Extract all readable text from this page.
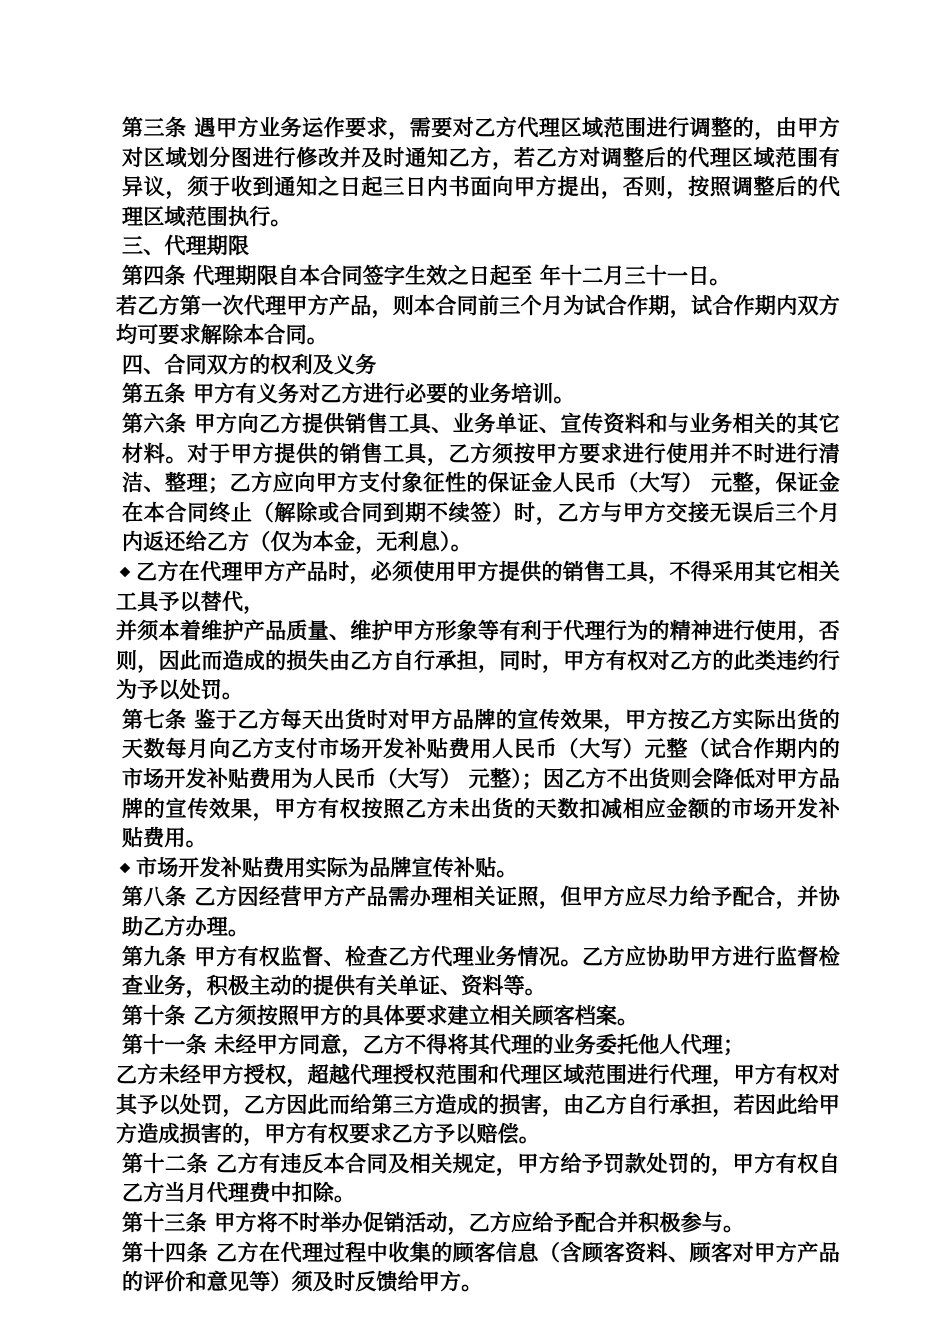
第三条 遇甲方业务运作要求，需要对乙方代理区域范围进行调整的，由甲方对区域划分图进行修改并及时通知乙方，若乙方对调整后的代理区域范围有异议，须于收到通知之日起三日内书面向甲方提出，否则，按照调整后的代理区域范围执行。

三、代理期限

第四条 代理期限自本合同签字生效之日起至 年十二月三十一日。

若乙方第一次代理甲方产品，则本合同前三个月为试合作期，试合作期内双方均可要求解除本合同。

四、合同双方的权利及义务

第五条 甲方有义务对乙方进行必要的业务培训。

第六条 甲方向乙方提供销售工具、业务单证、宣传资料和与业务相关的其它材料。对于甲方提供的销售工具，乙方须按甲方要求进行使用并不时进行清洁、整理；乙方应向甲方支付象征性的保证金人民币（大写） 元整，保证金在本合同终止（解除或合同到期不续签）时，乙方与甲方交接无误后三个月内返还给乙方（仅为本金，无利息）。

乙方在代理甲方产品时，必须使用甲方提供的销售工具，不得采用其它相关工具予以替代，

并须本着维护产品质量、维护甲方形象等有利于代理行为的精神进行使用，否则，因此而造成的损失由乙方自行承担，同时，甲方有权对乙方的此类违约行为予以处罚。

第七条 鉴于乙方每天出货时对甲方品牌的宣传效果，甲方按乙方实际出货的天数每月向乙方支付市场开发补贴费用人民币（大写）元整（试合作期内的市场开发补贴费用为人民币（大写） 元整）；因乙方不出货则会降低对甲方品牌的宣传效果，甲方有权按照乙方未出货的天数扣减相应金额的市场开发补贴费用。

市场开发补贴费用实际为品牌宣传补贴。

第八条 乙方因经营甲方产品需办理相关证照，但甲方应尽力给予配合，并协助乙方办理。

第九条 甲方有权监督、检查乙方代理业务情况。乙方应协助甲方进行监督检查业务，积极主动的提供有关单证、资料等。

第十条 乙方须按照甲方的具体要求建立相关顾客档案。

第十一条 未经甲方同意，乙方不得将其代理的业务委托他人代理；

乙方未经甲方授权，超越代理授权范围和代理区域范围进行代理，甲方有权对其予以处罚，乙方因此而给第三方造成的损害，由乙方自行承担，若因此给甲方造成损害的，甲方有权要求乙方予以赔偿。

第十二条 乙方有违反本合同及相关规定，甲方给予罚款处罚的，甲方有权自乙方当月代理费中扣除。

第十三条 甲方将不时举办促销活动，乙方应给予配合并积极参与。

第十四条 乙方在代理过程中收集的顾客信息（含顾客资料、顾客对甲方产品的评价和意见等）须及时反馈给甲方。
